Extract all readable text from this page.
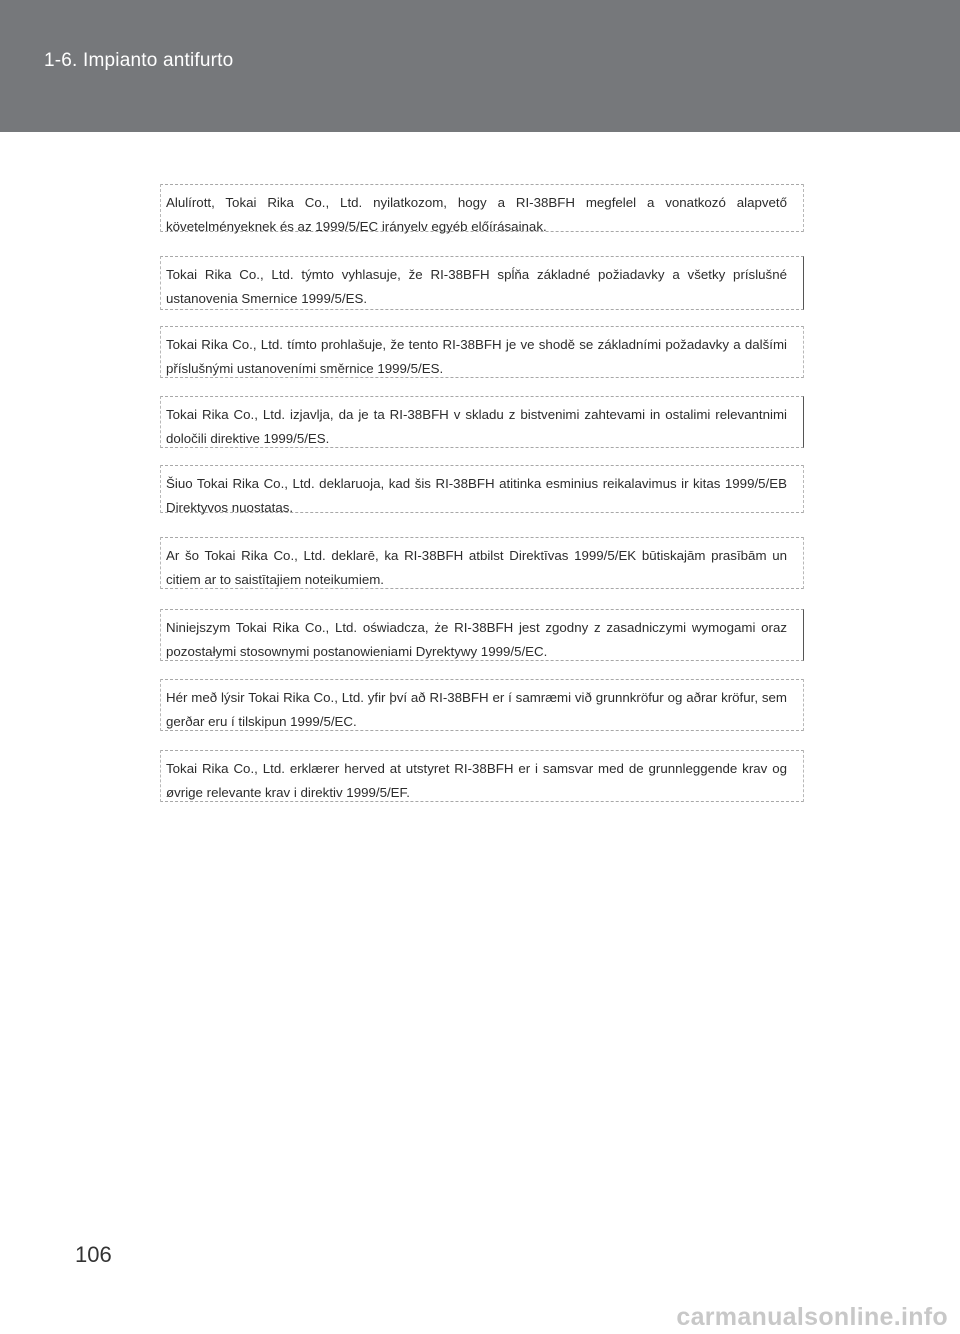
1-6. Impianto antifurto
Alulírott, Tokai Rika Co., Ltd. nyilatkozom, hogy a RI-38BFH megfelel a vonatkozó alapvető követelményeknek és az 1999/5/EC irányelv egyéb előírásainak.
Tokai Rika Co., Ltd. týmto vyhlasuje, že RI-38BFH spĺňa základné požiadavky a všetky príslušné ustanovenia Smernice 1999/5/ES.
Tokai Rika Co., Ltd. tímto prohlašuje, že tento RI-38BFH je ve shodě se základními požadavky a dalšími příslušnými ustanoveními směrnice 1999/5/ES.
Tokai Rika Co., Ltd. izjavlja, da je ta RI-38BFH v skladu z bistvenimi zahtevami in ostalimi relevantnimi določili direktive 1999/5/ES.
Šiuo Tokai Rika Co., Ltd. deklaruoja, kad šis RI-38BFH atitinka esminius reikalavimus ir kitas 1999/5/EB Direktyvos nuostatas.
Ar šo Tokai Rika Co., Ltd. deklarē, ka RI-38BFH atbilst Direktīvas 1999/5/EK būtiskajām prasībām un citiem ar to saistītajiem noteikumiem.
Niniejszym Tokai Rika Co., Ltd. oświadcza, że RI-38BFH jest zgodny z zasadniczymi wymogami oraz pozostałymi stosownymi postanowieniami Dyrektywy 1999/5/EC.
Hér með lýsir Tokai Rika Co., Ltd. yfir því að RI-38BFH er í samræmi við grunnkröfur og aðrar kröfur, sem gerðar eru í tilskipun 1999/5/EC.
Tokai Rika Co., Ltd. erklærer herved at utstyret RI-38BFH er i samsvar med de grunnleggende krav og øvrige relevante krav i direktiv 1999/5/EF.
106
carmanualsonline.info
